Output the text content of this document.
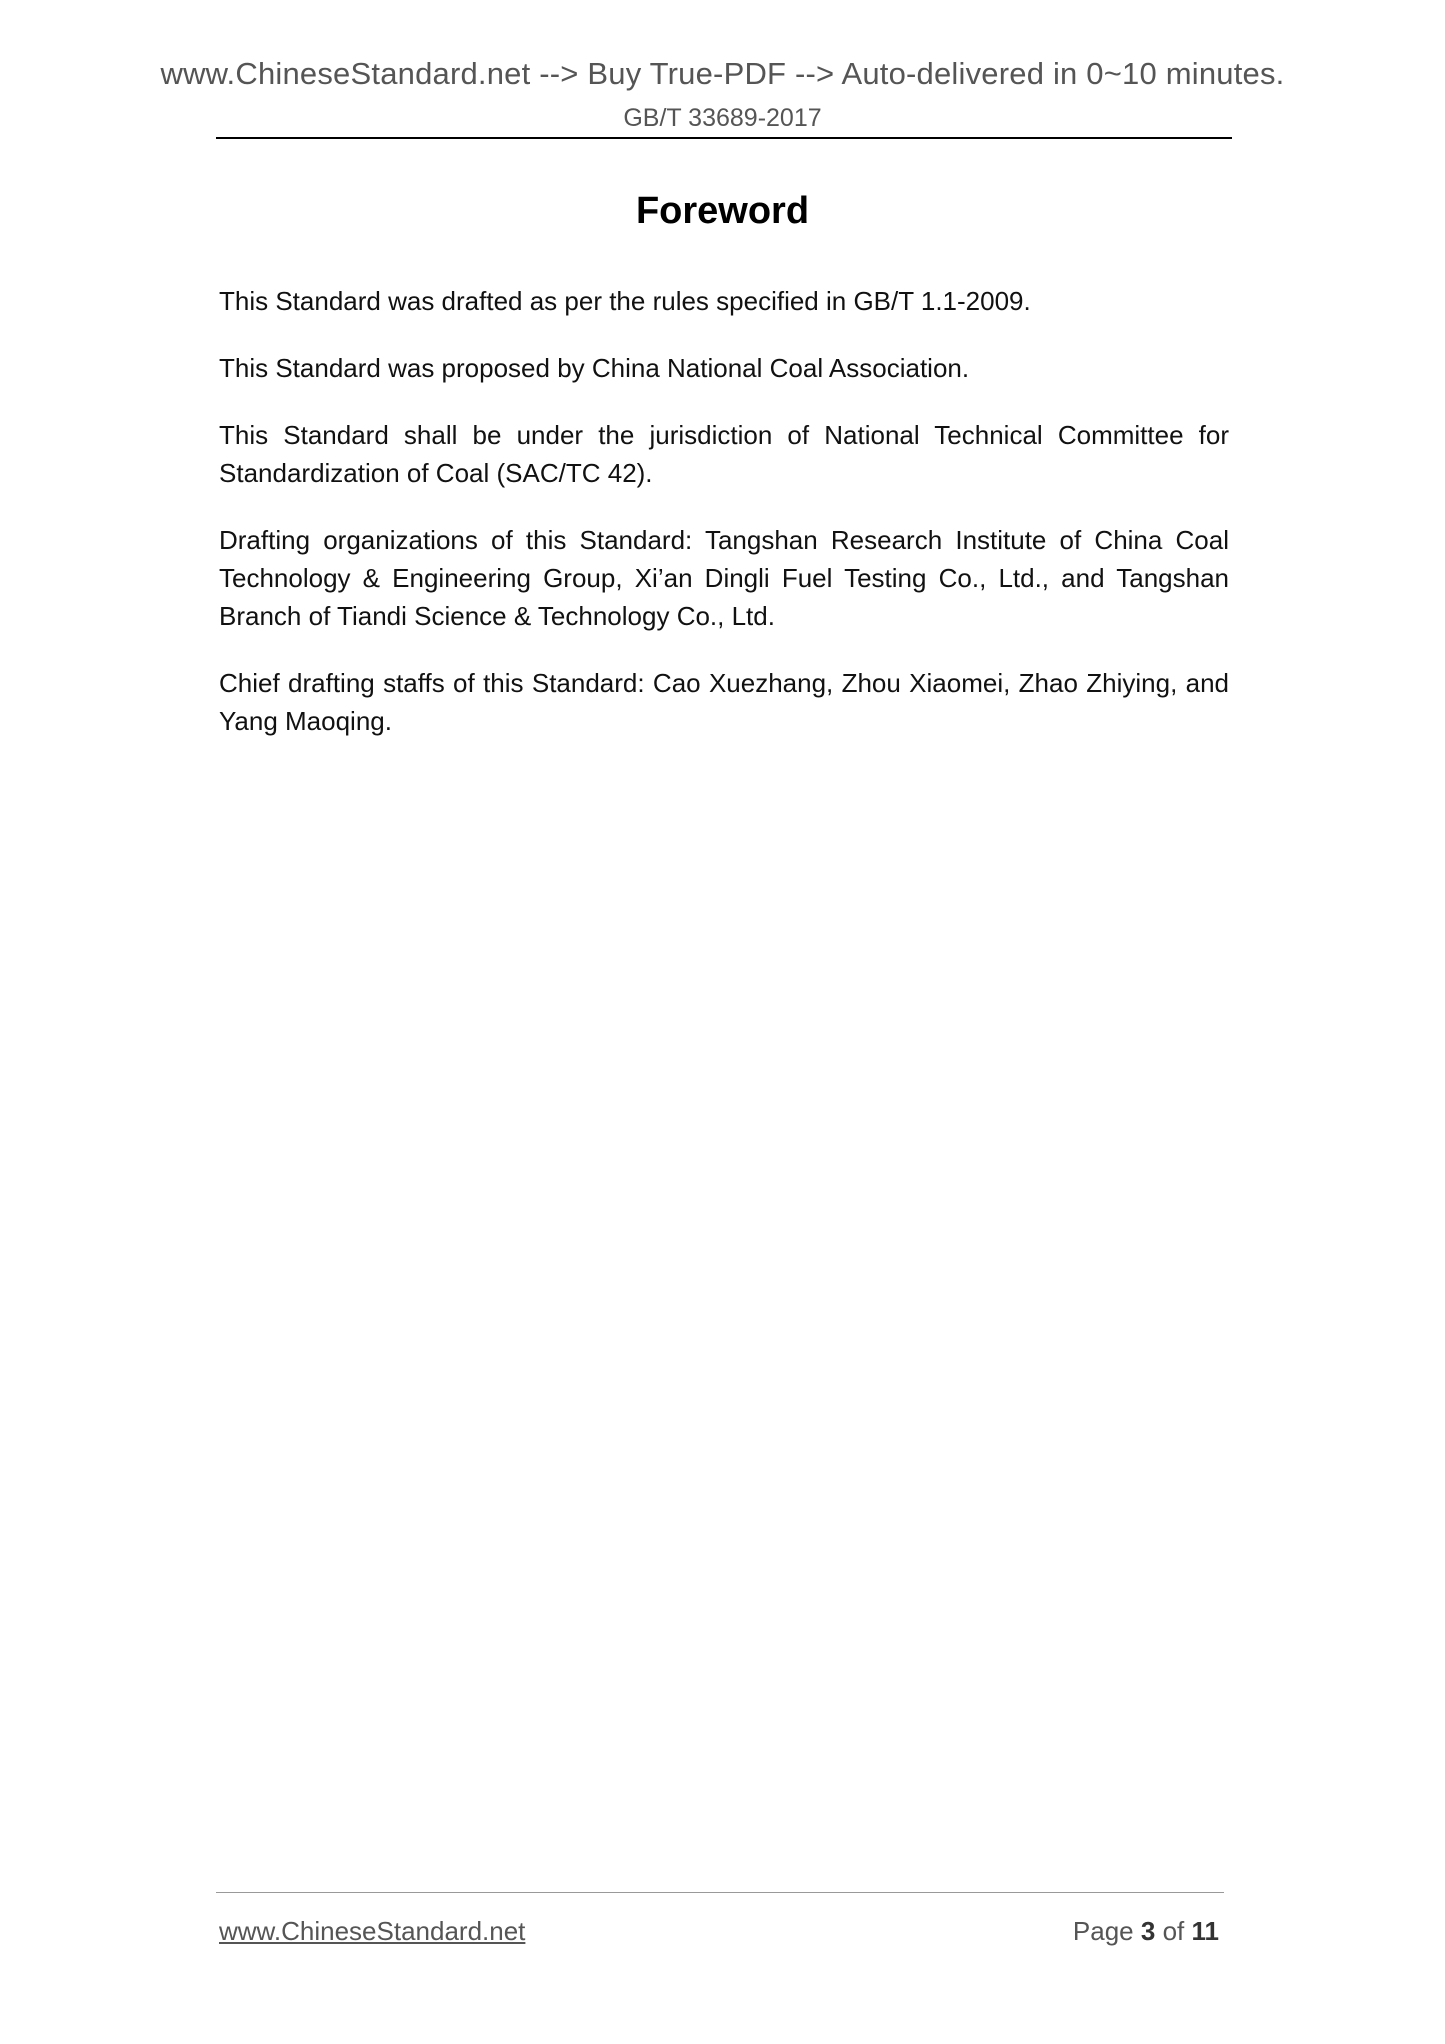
www.ChineseStandard.net --> Buy True-PDF --> Auto-delivered in 0~10 minutes.
GB/T 33689-2017
Foreword

This Standard was drafted as per the rules specified in GB/T 1.1-2009.

This Standard was proposed by China National Coal Association.

This Standard shall be under the jurisdiction of National Technical Committee for Standardization of Coal (SAC/TC 42).

Drafting organizations of this Standard: Tangshan Research Institute of China Coal Technology & Engineering Group, Xi’an Dingli Fuel Testing Co., Ltd., and Tangshan Branch of Tiandi Science & Technology Co., Ltd.

Chief drafting staffs of this Standard: Cao Xuezhang, Zhou Xiaomei, Zhao Zhiying, and Yang Maoqing.

www.ChineseStandard.net	Page 3 of 11
